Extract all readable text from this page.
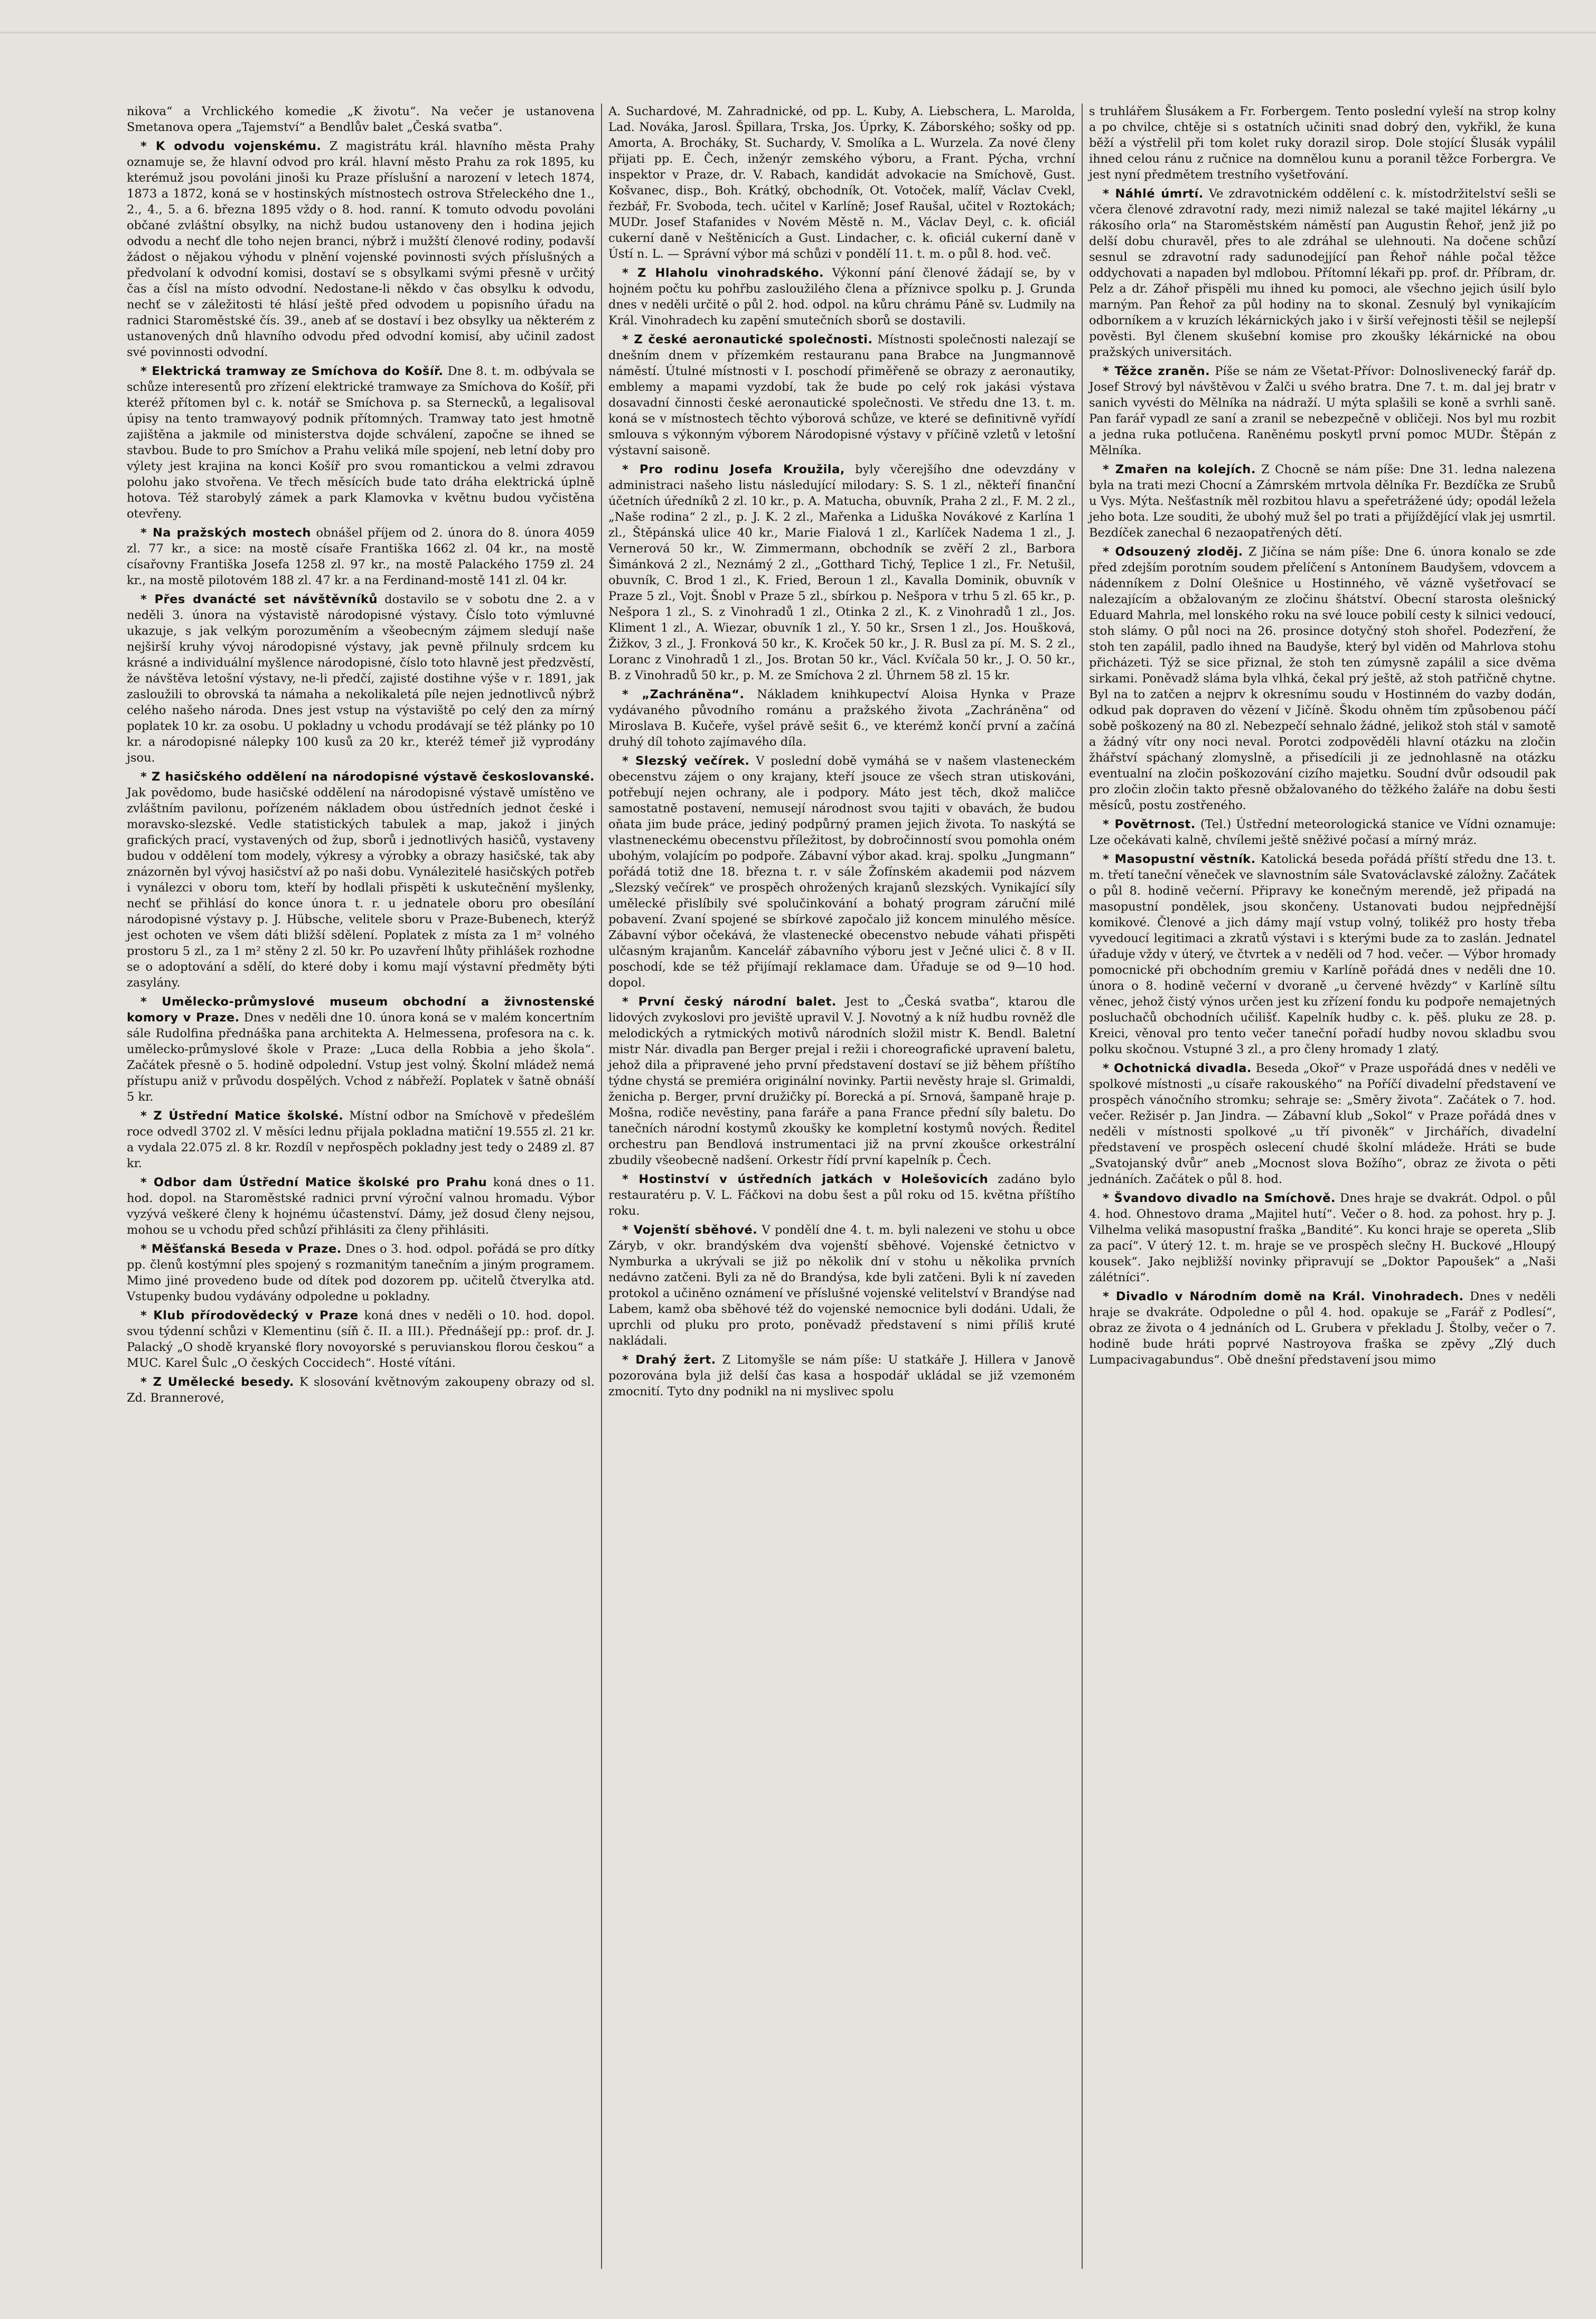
nikova“ a Vrchlického komedie „K životu“. Na večer je ustanovena Smetanova opera „Tajemství“ a Bendlův balet „Česká svatba“.

* K odvodu vojenskému. Z magistrátu král. hlavního města Prahy oznamuje se, že hlavní odvod pro král. hlavní město Prahu za rok 1895, ku kterémuž jsou povoláni jinoši ku Praze příslušní a narození v letech 1874, 1873 a 1872, koná se v hostinských místnostech ostrova Střeleckého dne 1., 2., 4., 5. a 6. března 1895 vždy o 8. hod. ranní. K tomuto odvodu povoláni občané zvláštní obsylky, na nichž budou ustanoveny den i hodina jejich odvodu a nechť dle toho nejen branci, nýbrž i mužští členové rodiny, podavší žádost o nějakou výhodu v plnění vojenské povinnosti svých příslušných a předvolaní k odvodní komisi, dostaví se s obsylkami svými přesně v určitý čas a čísl na místo odvodní. Nedostane-li někdo v čas obsylku k odvodu, nechť se v záležitosti té hlásí ještě před odvodem u popisního úřadu na radnici Staroměstské čís. 39., aneb ať se dostaví i bez obsylky ua některém z ustanovených dnů hlavního odvodu před odvodní komisí, aby učinil zadost své povinnosti odvodní.

* Elektrická tramway ze Smíchova do Košíř. Dne 8. t. m. odbývala se schůze interesentů pro zřízení elektrické tramwaye za Smíchova do Košíř, při kteréž přítomen byl c. k. notář se Smíchova p. sa Sternecků, a legalisoval úpisy na tento tramwayový podnik přítomných. Tramway tato jest hmotně zajištěna a jakmile od ministerstva dojde schválení, započne se ihned se stavbou. Bude to pro Smíchov a Prahu veliká míle spojení, neb letní doby pro výlety jest krajina na konci Košíř pro svou romantickou a velmi zdravou polohu jako stvořena. Ve třech měsících bude tato dráha elektrická úplně hotova. Též starobylý zámek a park Klamovka v květnu budou vyčistěna otevřeny.

* Na pražských mostech obnášel příjem od 2. února do 8. února 4059 zl. 77 kr., a sice: na mostě císaře Františka 1662 zl. 04 kr., na mostě císařovny Františka Josefa 1258 zl. 97 kr., na mostě Palackého 1759 zl. 24 kr., na mostě pilotovém 188 zl. 47 kr. a na Ferdinand-mostě 141 zl. 04 kr.

* Přes dvanácté set návštěvníků dostavilo se v sobotu dne 2. a v neděli 3. února na výstavistě národopisné výstavy. Číslo toto výmluvné ukazuje, s jak velkým porozuměním a všeobecným zájmem sledují naše nejširší kruhy vývoj národopisné výstavy, jak pevně přilnuly srdcem ku krásné a individuální myšlence národopisné, číslo toto hlavně jest předzvěstí, že návštěva letošní výstavy, ne-li předčí, zajisté dostihne výše v r. 1891, jak zasloužili to obrovská ta námaha a nekolikaletá píle nejen jednotlivců nýbrž celého našeho národa. Dnes jest vstup na výstaviště po celý den za mírný poplatek 10 kr. za osobu. U pokladny u vchodu prodávají se též plánky po 10 kr. a národopisné nálepky 100 kusů za 20 kr., kteréž témeř již vyprodány jsou.

* Z hasičského oddělení na národopisné výstavě českoslovanské. Jak povědomo, bude hasičské oddělení na národopisné výstavě umístěno ve zvláštním pavilonu, pořízeném nákladem obou ústředních jednot české i moravsko-slezské. Vedle statistických tabulek a map, jakož i jiných grafických prací, vystavených od žup, sborů i jednotlivých hasičů, vystaveny budou v oddělení tom modely, výkresy a výrobky a obrazy hasičské, tak aby znázorněn byl vývoj hasičství až po naši dobu. Vynálezitelé hasičských potřeb i vynálezci v oboru tom, kteří by hodlali přispěti k uskutečnění myšlenky, nechť se přihlásí do konce února t. r. u jednatele oboru pro obesílání národopisné výstavy p. J. Hübsche, velitele sboru v Praze-Bubenech, kterýž jest ochoten ve všem dáti bližší sdělení. Poplatek z místa za 1 m² volného prostoru 5 zl., za 1 m² stěny 2 zl. 50 kr. Po uzavření lhůty přihlášek rozhodne se o adoptování a sdělí, do které doby i komu mají výstavní předměty býti zasylány.

* Umělecko-průmyslové museum obchodní a živnostenské komory v Praze. Dnes v neděli dne 10. února koná se v malém koncertním sále Rudolfina přednáška pana architekta A. Helmessena, profesora na c. k. umělecko-průmyslové škole v Praze: „Luca della Robbia a jeho škola“. Začátek přesně o 5. hodině odpolední. Vstup jest volný. Školní mládež nemá přístupu aniž v průvodu dospělých. Vchod z nábřeží. Poplatek v šatně obnáší 5 kr.

* Z Ústřední Matice školské. Místní odbor na Smíchově v předešlém roce odvedl 3702 zl. V měsíci lednu přijala pokladna matiční 19.555 zl. 21 kr. a vydala 22.075 zl. 8 kr. Rozdíl v nepřospěch pokladny jest tedy o 2489 zl. 87 kr.

* Odbor dam Ústřední Matice školské pro Prahu koná dnes o 11. hod. dopol. na Staroměstské radnici první výroční valnou hromadu. Výbor vyzývá veškeré členy k hojnému účastenství. Dámy, jež dosud členy nejsou, mohou se u vchodu před schůzí přihlásiti za členy přihlásiti.

* Měšťanská Beseda v Praze. Dnes o 3. hod. odpol. pořádá se pro dítky pp. členů kostýmní ples spojený s rozmanitým tanečním a jiným programem. Mimo jiné provedeno bude od dítek pod dozorem pp. učitelů čtverylka atd. Vstupenky budou vydávány odpoledne u pokladny.

* Klub přírodovědecký v Praze koná dnes v neděli o 10. hod. dopol. svou týdenní schůzi v Klementinu (síň č. II. a III.). Přednášejí pp.: prof. dr. J. Palacký „O shodě kryanské flory novoyorské s peruvianskou florou českou“ a MUC. Karel Šulc „O českých Coccidech“. Hosté vítáni.

* Z Umělecké besedy. K slosování květnovým zakoupeny obrazy od sl. Zd. Brannerové,

A. Suchardové, M. Zahradnické, od pp. L. Kuby, A. Liebschera, L. Marolda, Lad. Nováka, Jarosl. Špillara, Trska, Jos. Úprky, K. Záborského; sošky od pp. Amorta, A. Brocháky, St. Suchardy, V. Smolíka a L. Wurzela. Za nové členy přijati pp. E. Čech, inženýr zemského výboru, a Frant. Pýcha, vrchní inspektor v Praze, dr. V. Rabach, kandidát advokacie na Smíchově, Gust. Košvanec, disp., Boh. Krátký, obchodník, Ot. Votoček, malíř, Václav Cvekl, řezbář, Fr. Svoboda, tech. učitel v Karlíně; Josef Raušal, učitel v Roztokách; MUDr. Josef Stafanides v Novém Městě n. M., Václav Deyl, c. k. oficiál cukerní daně v Neštěnicích a Gust. Lindacher, c. k. oficiál cukerní daně v Ústí n. L. — Správní výbor má schůzi v pondělí 11. t. m. o půl 8. hod. več.

* Z Hlaholu vinohradského. Výkonní pání členové žádají se, by v hojném počtu ku pohřbu zasloužilého člena a příznivce spolku p. J. Grunda dnes v neděli určitě o půl 2. hod. odpol. na kůru chrámu Páně sv. Ludmily na Král. Vinohradech ku zapění smutečních sborů se dostavili.

* Z české aeronautické společnosti. Místnosti společnosti nalezají se dnešním dnem v přízemkém restauranu pana Brabce na Jungmannově náměstí. Útulné místnosti v I. poschodí přiměřeně se obrazy z aeronautiky, emblemy a mapami vyzdobí, tak že bude po celý rok jakási výstava dosavadní činnosti české aeronautické společnosti. Ve středu dne 13. t. m. koná se v místnostech těchto výborová schůze, ve které se definitivně vyřídí smlouva s výkonným výborem Národopisné výstavy v příčině vzletů v letošní výstavní saisoně.

* Pro rodinu Josefa Kroužila, byly včerejšího dne odevzdány v administraci našeho listu následující milodary: S. S. 1 zl., někteří finanční účetních úředníků 2 zl. 10 kr., p. A. Matucha, obuvník, Praha 2 zl., F. M. 2 zl., „Naše rodina“ 2 zl., p. J. K. 2 zl., Mařenka a Liduška Novákové z Karlína 1 zl., Štěpánská ulice 40 kr., Marie Fialová 1 zl., Karlíček Nadema 1 zl., J. Vernerová 50 kr., W. Zimmermann, obchodník se zvěří 2 zl., Barbora Šimánková 2 zl., Neznámý 2 zl., „Gotthard Tichý, Teplice 1 zl., Fr. Netušil, obuvník, C. Brod 1 zl., K. Fried, Beroun 1 zl., Kavalla Dominik, obuvník v Praze 5 zl., Vojt. Šnobl v Praze 5 zl., sbírkou p. Nešpora v trhu 5 zl. 65 kr., p. Nešpora 1 zl., S. z Vinohradů 1 zl., Otinka 2 zl., K. z Vinohradů 1 zl., Jos. Kliment 1 zl., A. Wiezar, obuvník 1 zl., Y. 50 kr., Srsen 1 zl., Jos. Houšková, Žižkov, 3 zl., J. Fronková 50 kr., K. Kroček 50 kr., J. R. Busl za pí. M. S. 2 zl., Loranc z Vinohradů 1 zl., Jos. Brotan 50 kr., Václ. Kvíčala 50 kr., J. O. 50 kr., B. z Vinohradů 50 kr., p. M. ze Smíchova 2 zl. Úhrnem 58 zl. 15 kr.

* „Zachráněna“. Nákladem knihkupectví Aloisa Hynka v Praze vydávaného původního románu a pražského života „Zachráněna“ od Miroslava B. Kučeře, vyšel právě sešit 6., ve kterémž končí první a začíná druhý díl tohoto zajímavého díla.

* Slezský večírek. V poslední době vymáhá se v našem vlasteneckém obecenstvu zájem o ony krajany, kteří jsouce ze všech stran utiskováni, potřebují nejen ochrany, ale i podpory. Máto jest těch, dkož maličce samostatně postavení, nemusejí národnost svou tajiti v obavách, že budou oňata jim bude práce, jediný podpůrný pramen jejich života. To naskýtá se vlastneneckému obecenstvu příležitost, by dobročinností svou pomohla oném ubohým, volajícím po podpoře. Zábavní výbor akad. kraj. spolku „Jungmann“ pořádá totiž dne 18. března t. r. v sále Žofínském akademii pod názvem „Slezský večírek“ ve prospěch ohrožených krajanů slezských. Vynikající síly umělecké přislíbily své spolučinkování a bohatý program záruční milé pobavení. Zvaní spojené se sbírkové započalo již koncem minulého měsíce. Zábavní výbor očekává, že vlastenecké obecenstvo nebude váhati přispěti ulčasným krajanům. Kancelář zábavního výboru jest v Ječné ulici č. 8 v II. poschodí, kde se též přijímají reklamace dam. Úřaduje se od 9—10 hod. dopol.

* První český národní balet. Jest to „Česká svatba“, ktarou dle lidových zvykoslovi pro jeviště upravil V. J. Novotný a k níž hudbu rovněž dle melodických a rytmických motivů národních složil mistr K. Bendl. Baletní mistr Nár. divadla pan Berger prejal i režii i choreografické upravení baletu, jehož dila a připravené jeho první představení dostaví se již během příštího týdne chystá se premiéra originální novinky. Partii nevěsty hraje sl. Grimaldi, ženicha p. Berger, první družičky pí. Borecká a pí. Srnová, šampaně hraje p. Mošna, rodiče nevěstiny, pana faráře a pana France přední síly baletu. Do tanečních národní kostymů zkoušky ke kompletní kostymů nových. Ředitel orchestru pan Bendlová instrumentaci již na první zkoušce orkestrální zbudily všeobecně nadšení. Orkestr řídí první kapelník p. Čech.

* Hostinství v ústředních jatkách v Holešovicích zadáno bylo restauratéru p. V. L. Fáčkovi na dobu šest a půl roku od 15. května příštího roku.

* Vojenští sběhové. V pondělí dne 4. t. m. byli nalezeni ve stohu u obce Záryb, v okr. brandýském dva vojenští sběhové. Vojenské četnictvo v Nymburka a ukrývali se již po několik dní v stohu u několika prvních nedávno zatčeni. Byli za ně do Brandýsa, kde byli zatčeni. Byli k ní zaveden protokol a učiněno oznámení ve příslušné vojenské velitelství v Brandýse nad Labem, kamž oba sběhové též do vojenské nemocnice byli dodáni. Udali, že uprchli od pluku pro proto, poněvadž představení s nimi příliš kruté nakládali.

* Drahý žert. Z Litomyšle se nám píše: U statkáře J. Hillera v Janově pozorována byla již delší čas kasa a hospodář ukládal se již vzemoném zmocnití. Tyto dny podnikl na ni myslivec spolu

s truhlářem Šlusákem a Fr. Forbergem. Tento poslední vyleší na strop kolny a po chvilce, chtěje si s ostatních učiniti snad dobrý den, vykřikl, že kuna běží a výstřelil při tom kolet ruky dorazil sirop. Dole stojící Šlusák vypálil ihned celou ránu z ručnice na domnělou kunu a poranil těžce Forbergra. Ve jest nyní předmětem trestního vyšetřování.

* Náhlé úmrtí. Ve zdravotnickém oddělení c. k. místodržitelství sešli se včera členové zdravotní rady, mezi nimiž nalezal se také majitel lékárny „u rákosího orla“ na Staroměstském náměstí pan Augustin Řehoř, jenž již po delší dobu churavěl, přes to ale zdráhal se ulehnouti. Na dočene schůzí sesnul se zdravotní rady sadunodejjící pan Řehoř náhle počal těžce oddychovati a napaden byl mdlobou. Přítomní lékaři pp. prof. dr. Příbram, dr. Pelz a dr. Záhoř přispěli mu ihned ku pomoci, ale všechno jejich úsilí bylo marným. Pan Řehoř za půl hodiny na to skonal. Zesnulý byl vynikajícím odborníkem a v kruzích lékárnických jako i v širší veřejnosti těšil se nejlepší pověsti. Byl členem skušební komise pro zkoušky lékárnické na obou pražských universitách.

* Těžce zraněn. Píše se nám ze Všetat-Přívor: Dolnoslivenecký farář dp. Josef Strový byl návštěvou v Žalči u svého bratra. Dne 7. t. m. dal jej bratr v sanich vyvésti do Mělníka na nádraží. U mýta splašili se koně a svrhli saně. Pan farář vypadl ze saní a zranil se nebezpečně v obličeji. Nos byl mu rozbit a jedna ruka potlučena. Raněnému poskytl první pomoc MUDr. Štěpán z Mělníka.

* Zmařen na kolejích. Z Chocně se nám píše: Dne 31. ledna nalezena byla na trati mezi Chocní a Zámrském mrtvola dělníka Fr. Bezdíčka ze Srubů u Vys. Mýta. Nešťastník měl rozbitou hlavu a speřetrážené údy; opodál ležela jeho bota. Lze souditi, že ubohý muž šel po trati a přijíždějící vlak jej usmrtil. Bezdíček zanechal 6 nezaopatřených dětí.

* Odsouzený zloděj. Z Jičína se nám píše: Dne 6. února konalo se zde před zdejším porotním soudem přelíčení s Antonínem Baudyšem, vdovcem a nádenníkem z Dolní Olešnice u Hostinného, vě vázně vyšetřovací se nalezajícím a obžalovaným ze zločinu šhátství. Obecní starosta olešnický Eduard Mahrla, mel lonského roku na své louce pobilí cesty k silnici vedoucí, stoh slámy. O půl noci na 26. prosince dotyčný stoh shořel. Podezření, že stoh ten zapálil, padlo ihned na Baudyše, který byl viděn od Mahrlova stohu přicházeti. Týž se sice přiznal, že stoh ten zúmysně zapálil a sice dvěma sirkami. Poněvadž sláma byla vlhká, čekal prý ještě, až stoh patřičně chytne. Byl na to zatčen a nejprv k okresnímu soudu v Hostinném do vazby dodán, odkud pak dopraven do vězení v Jičíně. Škodu ohněm tím způsobenou páčí sobě poškozený na 80 zl. Nebezpečí sehnalo žádné, jelikož stoh stál v samotě a žádný vítr ony noci neval. Porotci zodpověděli hlavní otázku na zločin žhářství spáchaný zlomyslně, a přisedícili ji ze jednohlasně na otázku eventualní na zločin poškozování cizího majetku. Soudní dvůr odsoudil pak pro zločin zločin takto přesně obžalovaného do těžkého žaláře na dobu šesti měsíců, postu zostřeného.

* Povětrnost. (Tel.) Ústřední meteorologická stanice ve Vídni oznamuje: Lze očekávati kalně, chvílemi ještě sněživé počasí a mírný mráz.

* Masopustní věstník. Katolická beseda pořádá příští středu dne 13. t. m. třetí taneční věneček ve slavnostním sále Svatováclavské záložny. Začátek o půl 8. hodině večerní. Připravy ke konečným merendě, jež připadá na masopustní pondělek, jsou skončeny. Ustanovati budou nejpřednější komikové. Členové a jich dámy mají vstup volný, tolikéž pro hosty třeba vyvedoucí legitimaci a zkratů výstavi i s kterými bude za to zaslán. Jednatel úřaduje vždy v úterý, ve čtvrtek a v neděli od 7 hod. večer. — Výbor hromady pomocnické při obchodním gremiu v Karlíně pořádá dnes v neděli dne 10. února o 8. hodině večerní v dvoraně „u červené hvězdy“ v Karlíně síltu věnec, jehož čistý výnos určen jest ku zřízení fondu ku podpoře nemajetných posluchačů obchodních učilišť. Kapelník hudby c. k. pěš. pluku ze 28. p. Kreici, věnoval pro tento večer taneční pořadí hudby novou skladbu svou polku skočnou. Vstupné 3 zl., a pro členy hromady 1 zlatý.

* Ochotnická divadla. Beseda „Okoř“ v Praze uspořádá dnes v neděli ve spolkové místnosti „u císaře rakouského“ na Poříčí divadelní představení ve prospěch vánočního stromku; sehraje se: „Směry života“. Začátek o 7. hod. večer. Režisér p. Jan Jindra. — Zábavní klub „Sokol“ v Praze pořádá dnes v neděli v místnosti spolkové „u tří pivoněk“ v Jirchářích, divadelní představení ve prospěch oslecení chudé školní mládeže. Hráti se bude „Svatojanský dvůr“ aneb „Mocnost slova Božího“, obraz ze života o pěti jednáních. Začátek o půl 8. hod.

* Švandovo divadlo na Smíchově. Dnes hraje se dvakrát. Odpol. o půl 4. hod. Ohnestovo drama „Majitel hutí“. Večer o 8. hod. za pohost. hry p. J. Vilhelma veliká masopustní fraška „Bandité“. Ku konci hraje se opereta „Slib za pací“. V úterý 12. t. m. hraje se ve prospěch slečny H. Buckové „Hloupý kousek“. Jako nejbližší novinky připravují se „Doktor Papoušek“ a „Naši zálétníci“.

* Divadlo v Národním domě na Král. Vinohradech. Dnes v neděli hraje se dvakráte. Odpoledne o půl 4. hod. opakuje se „Farář z Podlesí“, obraz ze života o 4 jednáních od L. Grubera v překladu J. Štolby, večer o 7. hodině bude hráti poprvé Nastroyova fraška se zpěvy „Zlý duch Lumpacivagabundus“. Obě dnešní představení jsou mimo
